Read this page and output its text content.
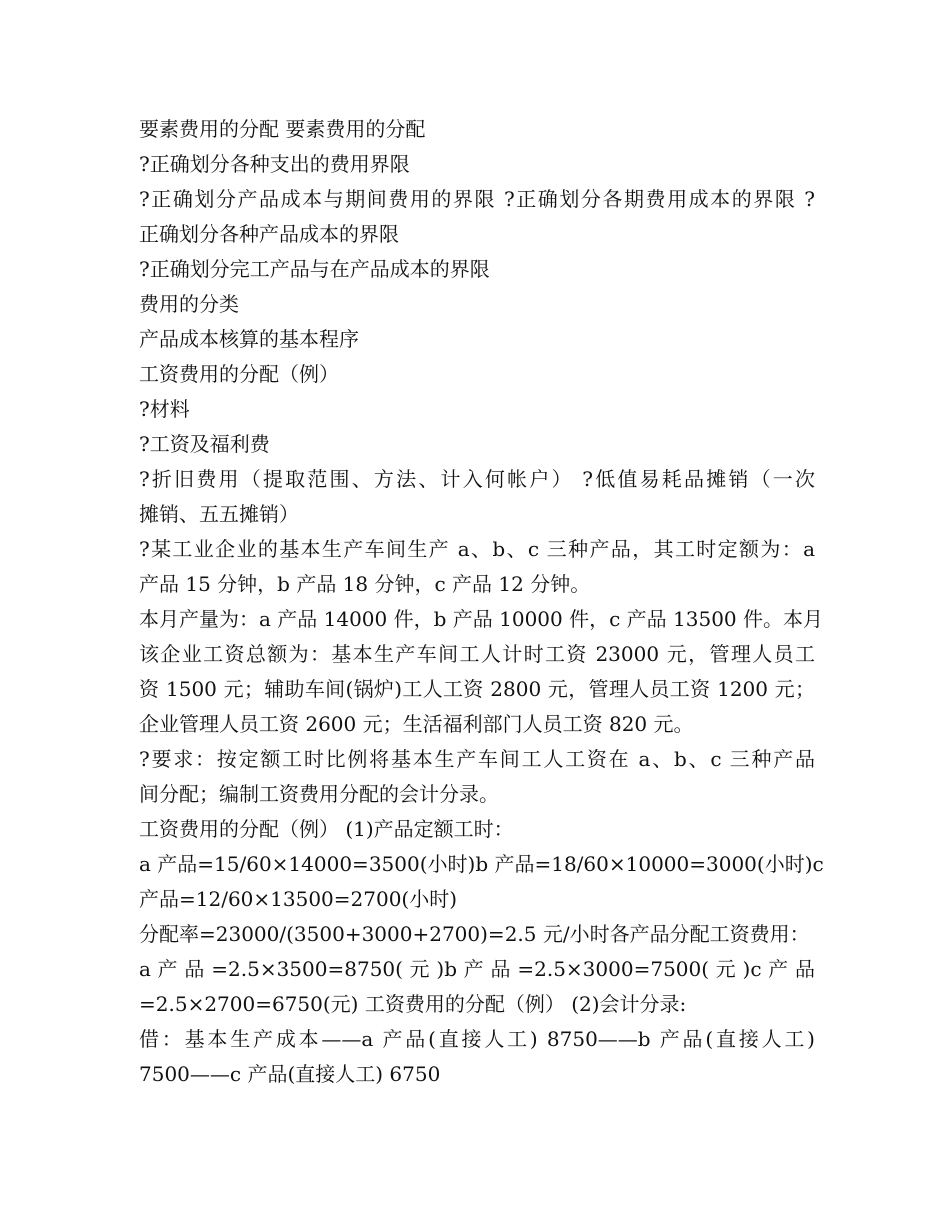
要素费用的分配 要素费用的分配
?正确划分各种支出的费用界限
?正确划分产品成本与期间费用的界限 ?正确划分各期费用成本的界限 ?
正确划分各种产品成本的界限
?正确划分完工产品与在产品成本的界限
费用的分类
产品成本核算的基本程序
工资费用的分配（例）
?材料
?工资及福利费
?折旧费用（提取范围、方法、计入何帐户） ?低值易耗品摊销（一次
摊销、五五摊销）
?某工业企业的基本生产车间生产 a、b、c 三种产品，其工时定额为：a
产品 15 分钟，b 产品 18 分钟，c 产品 12 分钟。
本月产量为：a 产品 14000 件，b 产品 10000 件，c 产品 13500 件。本月
该企业工资总额为：基本生产车间工人计时工资 23000 元，管理人员工
资 1500 元；辅助车间(锅炉)工人工资 2800 元，管理人员工资 1200 元；
企业管理人员工资 2600 元；生活福利部门人员工资 820 元。
?要求：按定额工时比例将基本生产车间工人工资在 a、b、c 三种产品
间分配；编制工资费用分配的会计分录。
工资费用的分配（例） (1)产品定额工时：
a 产品=15/60×14000=3500(小时)b 产品=18/60×10000=3000(小时)c
产品=12/60×13500=2700(小时)
分配率=23000/(3500+3000+2700)=2.5 元/小时各产品分配工资费用：
a 产 品 =2.5×3500=8750( 元 )b 产 品 =2.5×3000=7500( 元 )c 产 品
=2.5×2700=6750(元) 工资费用的分配（例） (2)会计分录:
借：基本生产成本——a 产品(直接人工) 8750——b 产品(直接人工)
7500——c 产品(直接人工) 6750
